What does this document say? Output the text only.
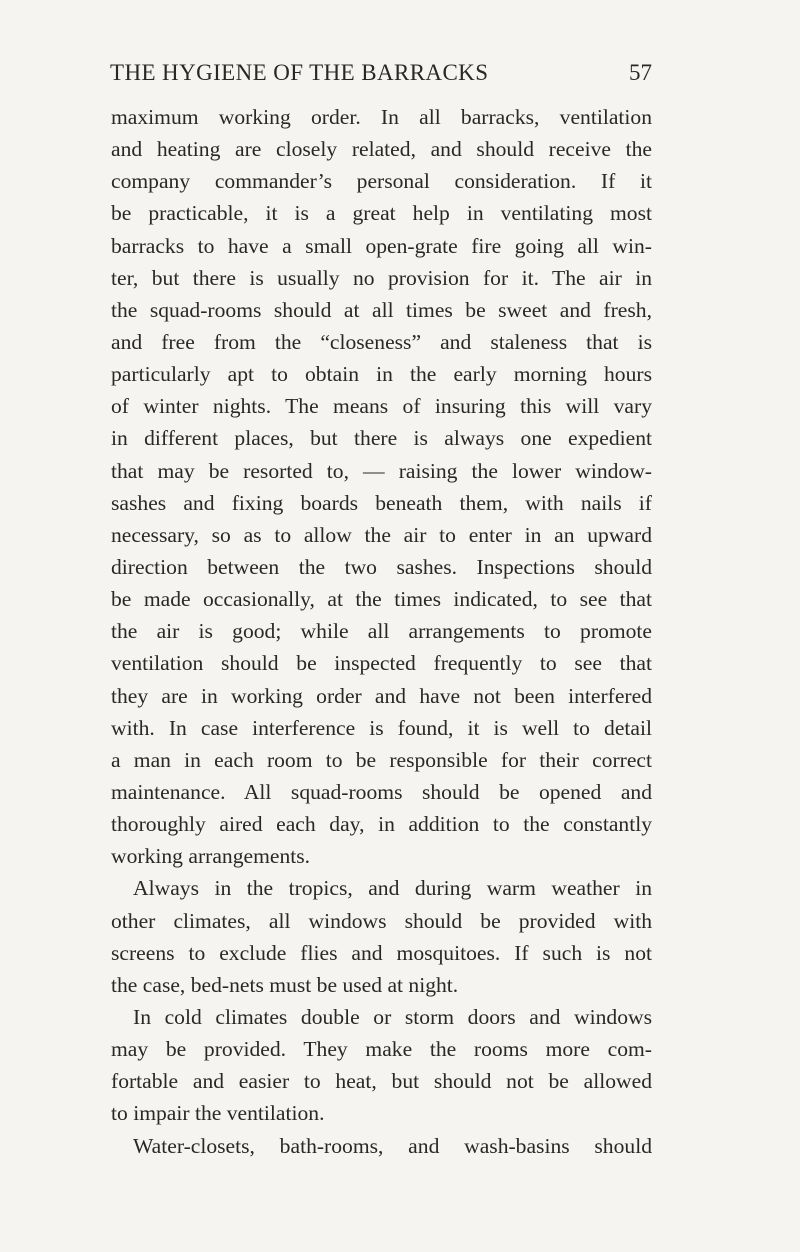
THE HYGIENE OF THE BARRACKS	57
maximum working order. In all barracks, ventilation
and heating are closely related, and should receive the
company commander’s personal consideration. If it
be practicable, it is a great help in ventilating most
barracks to have a small open-grate fire going all win-
ter, but there is usually no provision for it. The air in
the squad-rooms should at all times be sweet and fresh,
and free from the “closeness” and staleness that is
particularly apt to obtain in the early morning hours
of winter nights. The means of insuring this will vary
in different places, but there is always one expedient
that may be resorted to, — raising the lower window-
sashes and fixing boards beneath them, with nails if
necessary, so as to allow the air to enter in an upward
direction between the two sashes. Inspections should
be made occasionally, at the times indicated, to see that
the air is good; while all arrangements to promote
ventilation should be inspected frequently to see that
they are in working order and have not been interfered
with. In case interference is found, it is well to detail
a man in each room to be responsible for their correct
maintenance. All squad-rooms should be opened and
thoroughly aired each day, in addition to the constantly
working arrangements.
Always in the tropics, and during warm weather in
other climates, all windows should be provided with
screens to exclude flies and mosquitoes. If such is not
the case, bed-nets must be used at night.
In cold climates double or storm doors and windows
may be provided. They make the rooms more com-
fortable and easier to heat, but should not be allowed
to impair the ventilation.
Water-closets, bath-rooms, and wash-basins should
